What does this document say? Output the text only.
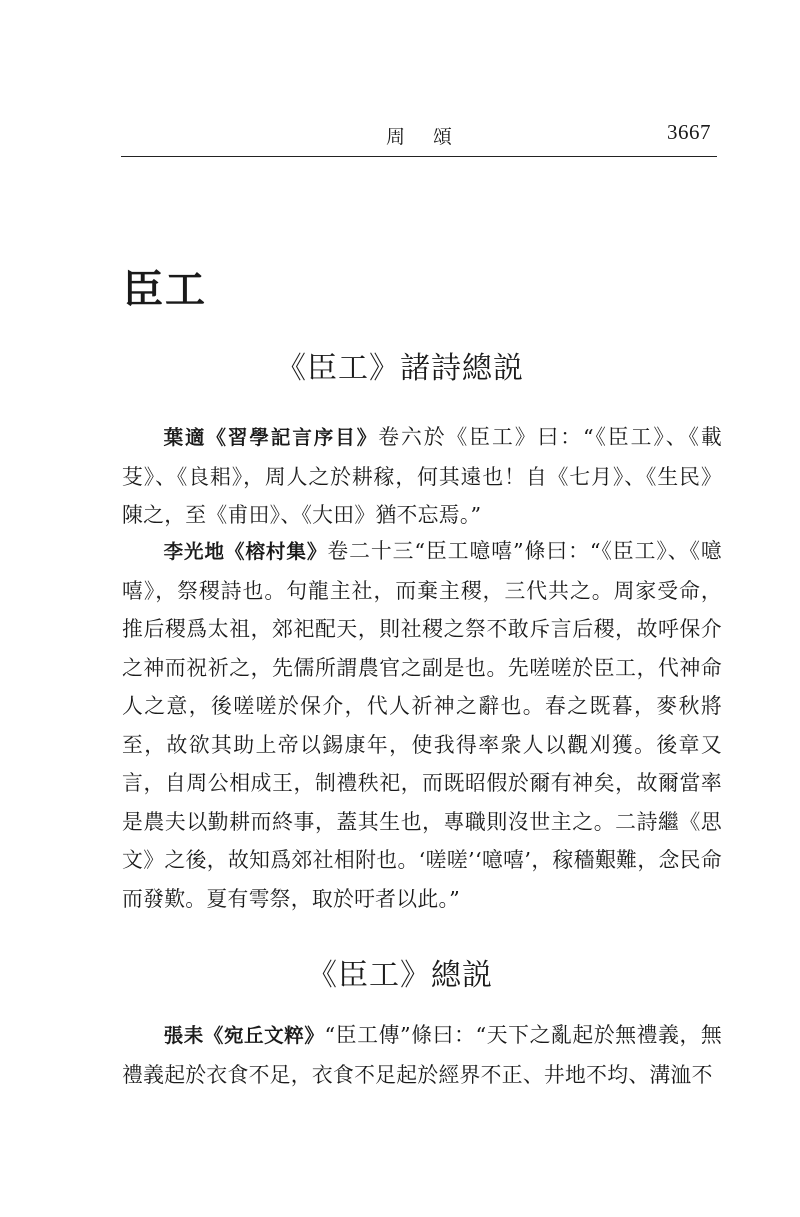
周頌	3667
臣工
《臣工》諸詩總説

葉適《習學記言序目》卷六於《臣工》曰：“《臣工》、《載芟》、《良耜》，周人之於耕稼，何其遠也！自《七月》、《生民》陳之，至《甫田》、《大田》猶不忘焉。”

李光地《榕村集》卷二十三“臣工噫嘻”條曰：“《臣工》、《噫嘻》，祭稷詩也。句龍主社，而棄主稷，三代共之。周家受命，推后稷爲太祖，郊祀配天，則社稷之祭不敢斥言后稷，故呼保介之神而祝祈之，先儒所謂農官之副是也。先嗟嗟於臣工，代神命人之意，後嗟嗟於保介，代人祈神之辭也。春之既暮，麥秋將至，故欲其助上帝以錫康年，使我得率衆人以觀刈獲。後章又言，自周公相成王，制禮秩祀，而既昭假於爾有神矣，故爾當率是農夫以勤耕而終事，蓋其生也，專職則沒世主之。二詩繼《思文》之後，故知爲郊社相附也。‘嗟嗟’‘噫嘻’，稼穡艱難，念民命而發歎。夏有雩祭，取於吁者以此。”

《臣工》總説

張耒《宛丘文粹》“臣工傳”條曰：“天下之亂起於無禮義，無禮義起於衣食不足，衣食不足起於經界不正、井地不均、溝洫不
